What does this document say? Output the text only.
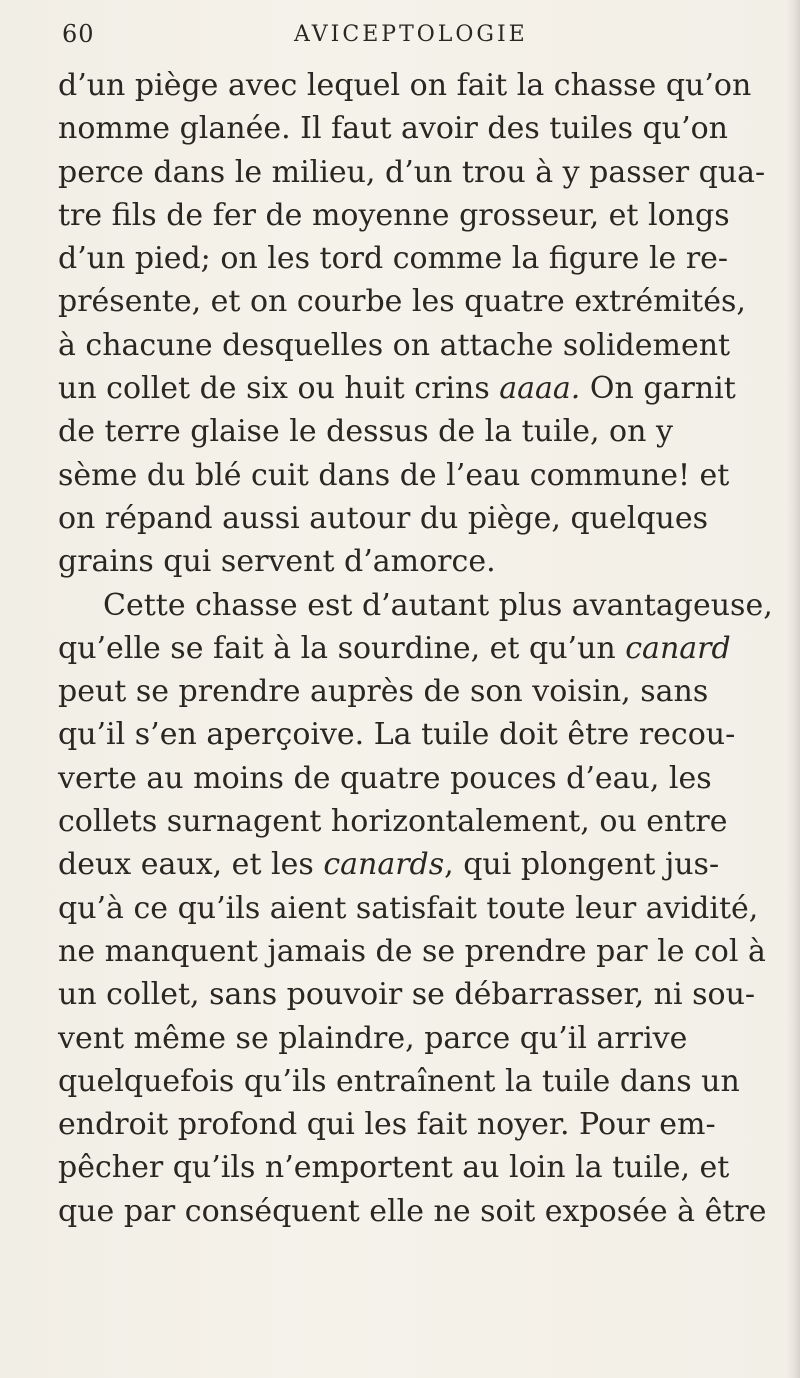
60	AVICEPTOLOGIE
d’un piège avec lequel on fait la chasse qu’on
nomme glanée. Il faut avoir des tuiles qu’on
perce dans le milieu, d’un trou à y passer qua-
tre fils de fer de moyenne grosseur, et longs
d’un pied; on les tord comme la figure le re-
présente, et on courbe les quatre extrémités,
à chacune desquelles on attache solidement
un collet de six ou huit crins aaaa. On garnit
de terre glaise le dessus de la tuile, on y
sème du blé cuit dans de l’eau commune! et
on répand aussi autour du piège, quelques
grains qui servent d’amorce.
Cette chasse est d’autant plus avantageuse,
qu’elle se fait à la sourdine, et qu’un canard
peut se prendre auprès de son voisin, sans
qu’il s’en aperçoive. La tuile doit être recou-
verte au moins de quatre pouces d’eau, les
collets surnagent horizontalement, ou entre
deux eaux, et les canards, qui plongent jus-
qu’à ce qu’ils aient satisfait toute leur avidité,
ne manquent jamais de se prendre par le col à
un collet, sans pouvoir se débarrasser, ni sou-
vent même se plaindre, parce qu’il arrive
quelquefois qu’ils entraînent la tuile dans un
endroit profond qui les fait noyer. Pour em-
pêcher qu’ils n’emportent au loin la tuile, et
que par conséquent elle ne soit exposée à être
